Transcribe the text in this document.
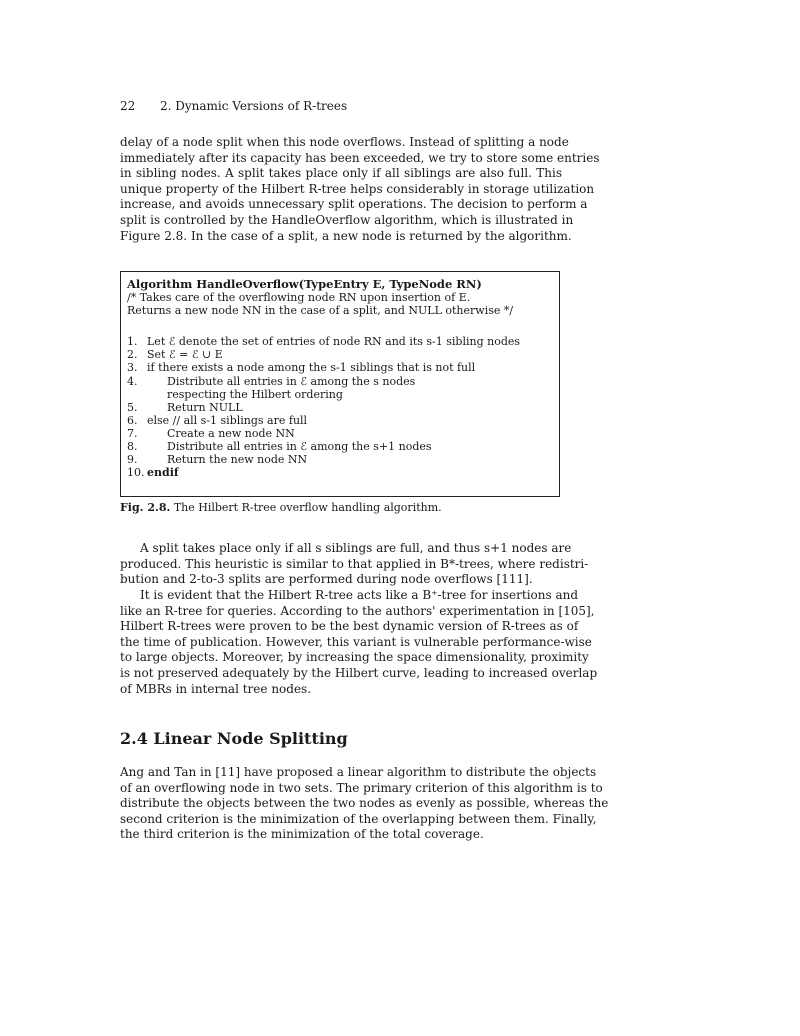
22 2. Dynamic Versions of R-trees
delay of a node split when this node overflows. Instead of splitting a node
immediately after its capacity has been exceeded, we try to store some entries
in sibling nodes. A split takes place only if all siblings are also full. This
unique property of the Hilbert R-tree helps considerably in storage utilization
increase, and avoids unnecessary split operations. The decision to perform a
split is controlled by the HandleOverflow algorithm, which is illustrated in
Figure 2.8. In the case of a split, a new node is returned by the algorithm.
Algorithm HandleOverflow(TypeEntry E, TypeNode RN)
/* Takes care of the overflowing node RN upon insertion of E.
Returns a new node NN in the case of a split, and NULL otherwise */
1. Let ℰ denote the set of entries of node RN and its s-1 sibling nodes
2. Set ℰ = ℰ ∪ E
3. if there exists a node among the s-1 siblings that is not full
4.	Distribute all entries in ℰ among the s nodes
respecting the Hilbert ordering
5.	Return NULL
6. else // all s-1 siblings are full
7.	Create a new node NN
8.	Distribute all entries in ℰ among the s+1 nodes
9.	Return the new node NN
10. endif
Fig. 2.8. The Hilbert R-tree overflow handling algorithm.
A split takes place only if all s siblings are full, and thus s+1 nodes are
produced. This heuristic is similar to that applied in B*-trees, where redistri-
bution and 2-to-3 splits are performed during node overflows [111].
It is evident that the Hilbert R-tree acts like a B⁺-tree for insertions and
like an R-tree for queries. According to the authors' experimentation in [105],
Hilbert R-trees were proven to be the best dynamic version of R-trees as of
the time of publication. However, this variant is vulnerable performance-wise
to large objects. Moreover, by increasing the space dimensionality, proximity
is not preserved adequately by the Hilbert curve, leading to increased overlap
of MBRs in internal tree nodes.
2.4 Linear Node Splitting
Ang and Tan in [11] have proposed a linear algorithm to distribute the objects
of an overflowing node in two sets. The primary criterion of this algorithm is to
distribute the objects between the two nodes as evenly as possible, whereas the
second criterion is the minimization of the overlapping between them. Finally,
the third criterion is the minimization of the total coverage.
